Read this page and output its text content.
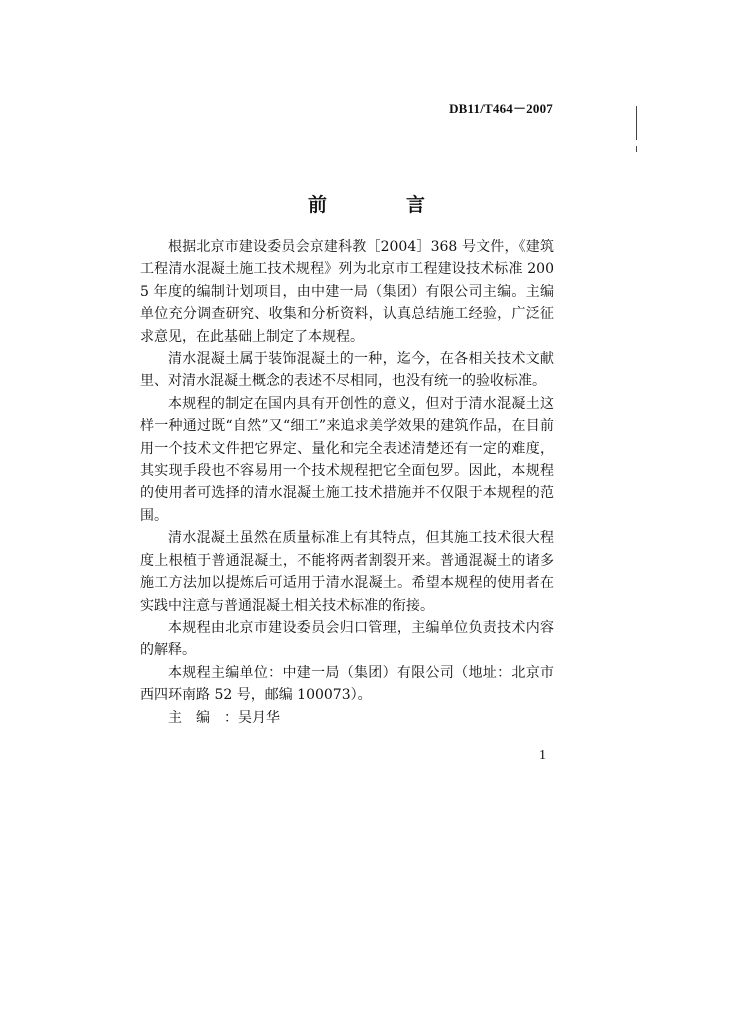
DB11/T464－2007
前　言

根据北京市建设委员会京建科教［2004］368 号文件，《建筑工程清水混凝土施工技术规程》列为北京市工程建设技术标准 2005 年度的编制计划项目，由中建一局（集团）有限公司主编。主编单位充分调查研究、收集和分析资料，认真总结施工经验，广泛征求意见，在此基础上制定了本规程。

清水混凝土属于装饰混凝土的一种，迄今，在各相关技术文献里、对清水混凝土概念的表述不尽相同，也没有统一的验收标准。

本规程的制定在国内具有开创性的意义，但对于清水混凝土这样一种通过既“自然”又“细工”来追求美学效果的建筑作品，在目前用一个技术文件把它界定、量化和完全表述清楚还有一定的难度，其实现手段也不容易用一个技术规程把它全面包罗。因此，本规程的使用者可选择的清水混凝土施工技术措施并不仅限于本规程的范围。

清水混凝土虽然在质量标准上有其特点，但其施工技术很大程度上根植于普通混凝土，不能将两者割裂开来。普通混凝土的诸多施工方法加以提炼后可适用于清水混凝土。希望本规程的使用者在实践中注意与普通混凝土相关技术标准的衔接。

本规程由北京市建设委员会归口管理，主编单位负责技术内容的解释。

本规程主编单位：中建一局（集团）有限公司（地址：北京市西四环南路 52 号，邮编 100073）。

主编：吴月华

1
